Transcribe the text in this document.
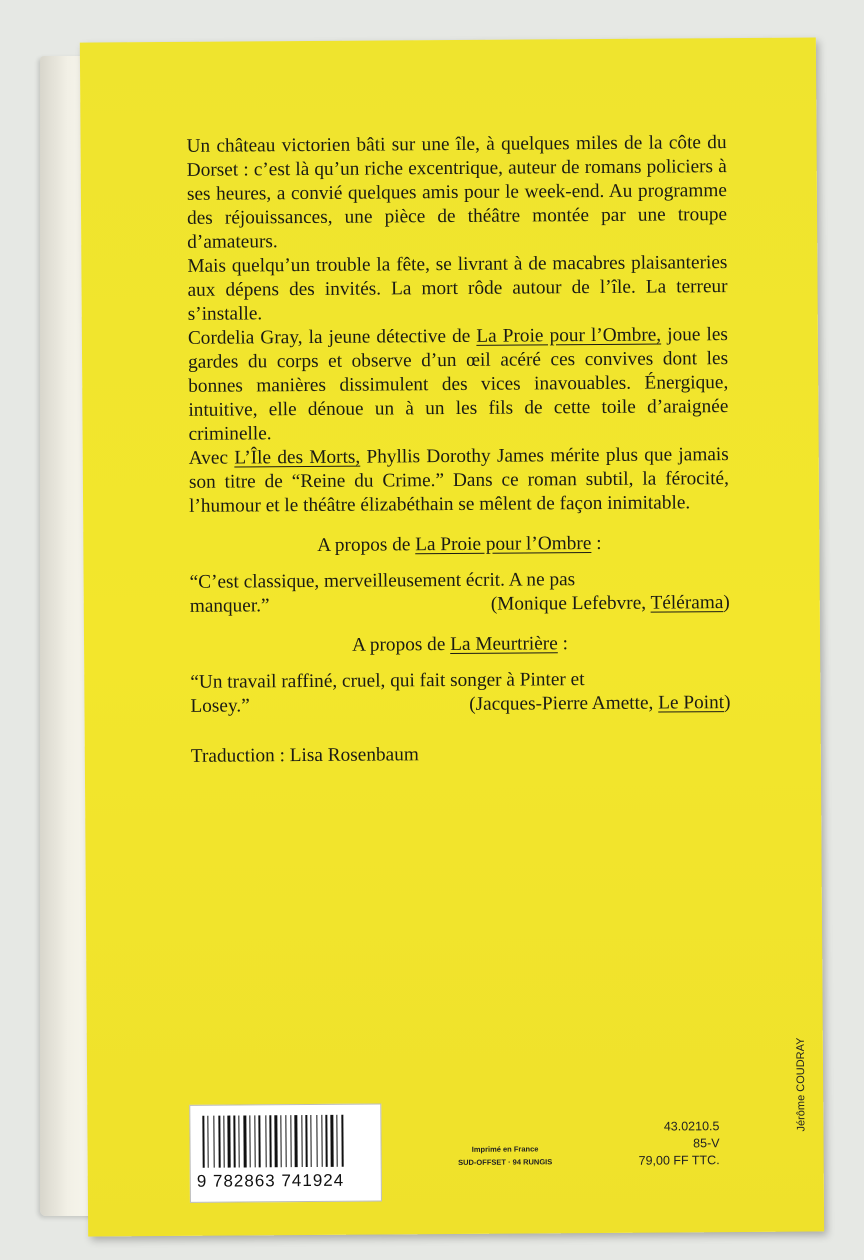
Un château victorien bâti sur une île, à quelques miles de la côte du Dorset : c’est là qu’un riche excentrique, auteur de romans policiers à ses heures, a convié quelques amis pour le week-end. Au programme des réjouissances, une pièce de théâtre montée par une troupe d’amateurs.

Mais quelqu’un trouble la fête, se livrant à de macabres plaisanteries aux dépens des invités. La mort rôde autour de l’île. La terreur s’installe.

Cordelia Gray, la jeune détective de La Proie pour l’Ombre, joue les gardes du corps et observe d’un œil acéré ces convives dont les bonnes manières dissimulent des vices inavouables. Énergique, intuitive, elle dénoue un à un les fils de cette toile d’araignée criminelle.

Avec L’Île des Morts, Phyllis Dorothy James mérite plus que jamais son titre de “Reine du Crime.” Dans ce roman subtil, la férocité, l’humour et le théâtre élizabéthain se mêlent de façon inimitable.

A propos de La Proie pour l’Ombre :

“C’est classique, merveilleusement écrit. A ne pas

manquer.”	(Monique Lefebvre, Télérama)

A propos de La Meurtrière :

“Un travail raffiné, cruel, qui fait songer à Pinter et

Losey.”	(Jacques-Pierre Amette, Le Point)

Traduction : Lisa Rosenbaum

Jérôme COUDRAY
9 782863 741924
Imprimé en France
SUD-OFFSET · 94 RUNGIS
43.0210.5
85-V
79,00 FF TTC.
